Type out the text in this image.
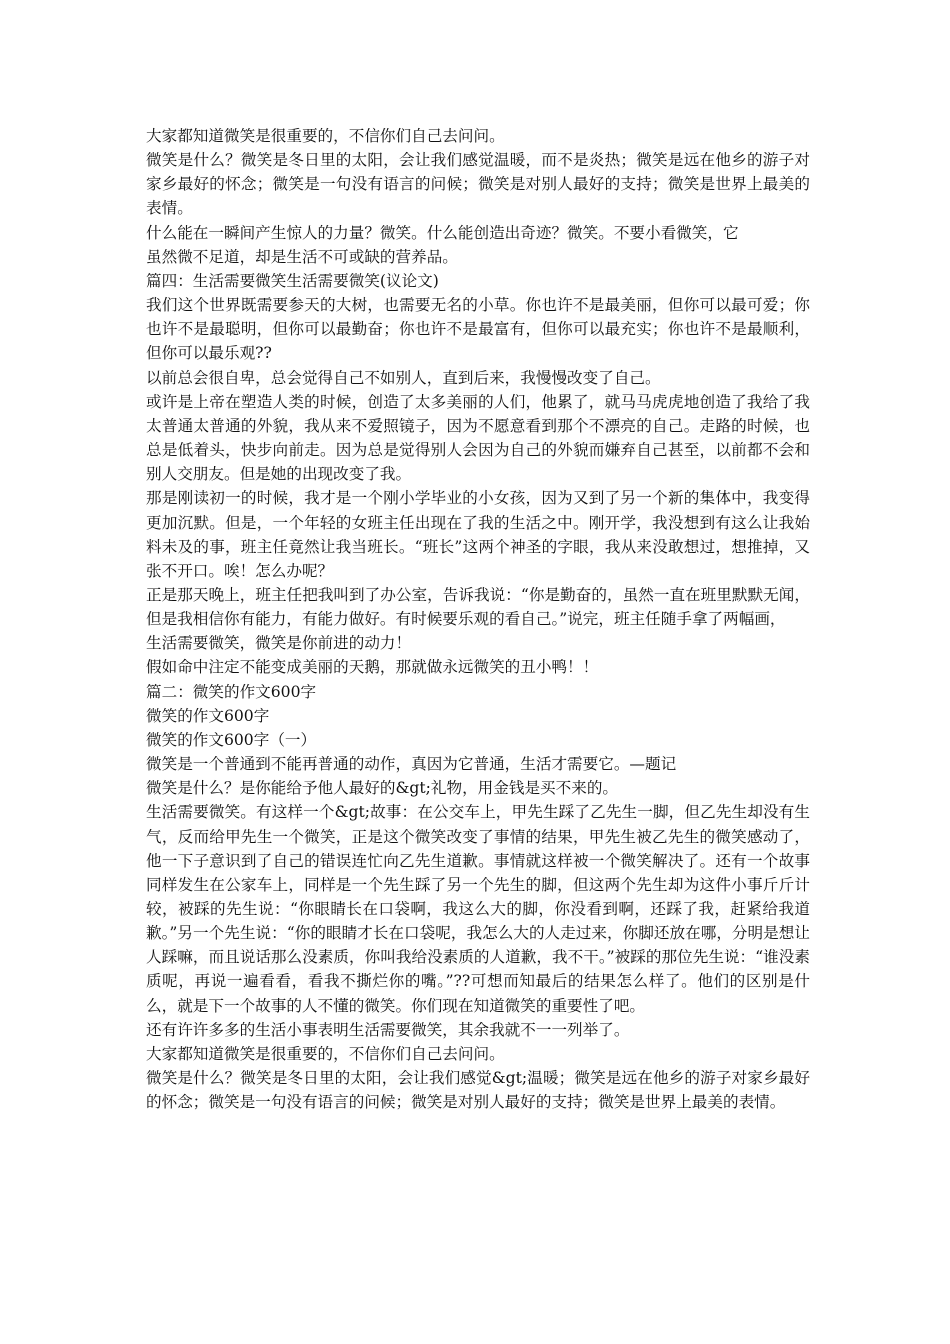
大家都知道微笑是很重要的，不信你们自己去问问。

微笑是什么？微笑是冬日里的太阳，会让我们感觉温暖，而不是炎热；微笑是远在他乡的游子对家乡最好的怀念；微笑是一句没有语言的问候；微笑是对别人最好的支持；微笑是世界上最美的表情。

什么能在一瞬间产生惊人的力量？微笑。什么能创造出奇迹？微笑。不要小看微笑，它

虽然微不足道，却是生活不可或缺的营养品。

篇四：生活需要微笑生活需要微笑(议论文)

我们这个世界既需要参天的大树，也需要无名的小草。你也许不是最美丽，但你可以最可爱；你也许不是最聪明，但你可以最勤奋；你也许不是最富有，但你可以最充实；你也许不是最顺利，但你可以最乐观??

以前总会很自卑，总会觉得自己不如别人，直到后来，我慢慢改变了自己。

或许是上帝在塑造人类的时候，创造了太多美丽的人们，他累了，就马马虎虎地创造了我给了我太普通太普通的外貌，我从来不爱照镜子，因为不愿意看到那个不漂亮的自己。走路的时候，也总是低着头，快步向前走。因为总是觉得别人会因为自己的外貌而嫌弃自己甚至，以前都不会和别人交朋友。但是她的出现改变了我。

那是刚读初一的时候，我才是一个刚小学毕业的小女孩，因为又到了另一个新的集体中，我变得更加沉默。但是，一个年轻的女班主任出现在了我的生活之中。刚开学，我没想到有这么让我始料未及的事，班主任竟然让我当班长。“班长”这两个神圣的字眼，我从来没敢想过，想推掉，又张不开口。唉！怎么办呢？

正是那天晚上，班主任把我叫到了办公室，告诉我说：“你是勤奋的，虽然一直在班里默默无闻，但是我相信你有能力，有能力做好。有时候要乐观的看自己。”说完，班主任随手拿了两幅画，

生活需要微笑，微笑是你前进的动力！

假如命中注定不能变成美丽的天鹅，那就做永远微笑的丑小鸭！！

篇二：微笑的作文600字

微笑的作文600字

微笑的作文600字（一）

微笑是一个普通到不能再普通的动作，真因为它普通，生活才需要它。—题记

微笑是什么？是你能给予他人最好的&gt;礼物，用金钱是买不来的。

生活需要微笑。有这样一个&gt;故事：在公交车上，甲先生踩了乙先生一脚，但乙先生却没有生气，反而给甲先生一个微笑，正是这个微笑改变了事情的结果，甲先生被乙先生的微笑感动了，他一下子意识到了自己的错误连忙向乙先生道歉。事情就这样被一个微笑解决了。还有一个故事同样发生在公家车上，同样是一个先生踩了另一个先生的脚，但这两个先生却为这件小事斤斤计较，被踩的先生说：“你眼睛长在口袋啊，我这么大的脚，你没看到啊，还踩了我，赶紧给我道歉。”另一个先生说：“你的眼睛才长在口袋呢，我怎么大的人走过来，你脚还放在哪，分明是想让人踩嘛，而且说话那么没素质，你叫我给没素质的人道歉，我不干。”被踩的那位先生说：“谁没素质呢，再说一遍看看，看我不撕烂你的嘴。”??可想而知最后的结果怎么样了。他们的区别是什么，就是下一个故事的人不懂的微笑。你们现在知道微笑的重要性了吧。

还有许许多多的生活小事表明生活需要微笑，其余我就不一一列举了。

大家都知道微笑是很重要的，不信你们自己去问问。

微笑是什么？微笑是冬日里的太阳，会让我们感觉&gt;温暖；微笑是远在他乡的游子对家乡最好的怀念；微笑是一句没有语言的问候；微笑是对别人最好的支持；微笑是世界上最美的表情。
